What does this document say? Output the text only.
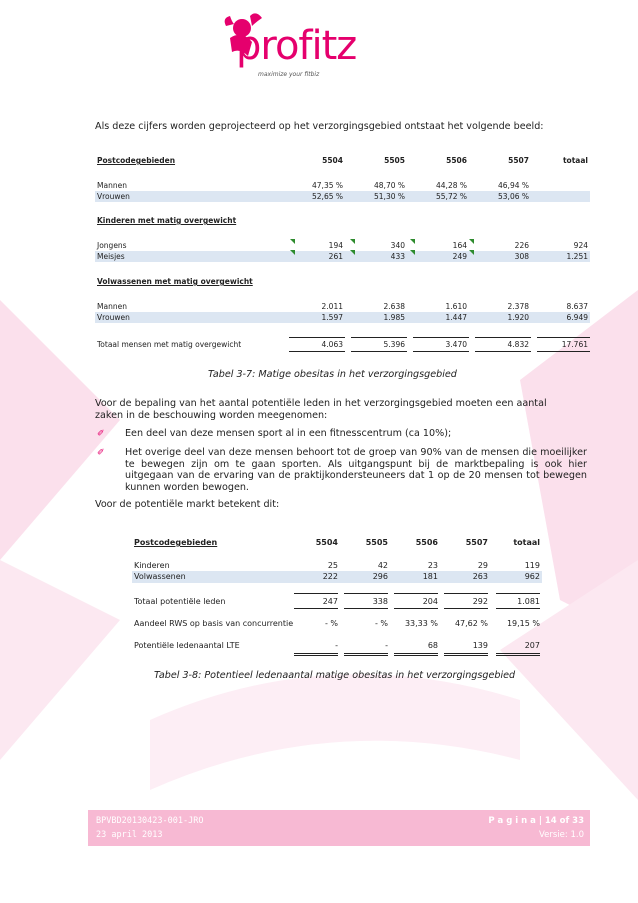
profitz
maximize your fitbiz
Als deze cijfers worden geprojecteerd op het verzorgingsgebied ontstaat het volgende beeld:
Postcodegebieden	5504	5505	5506	5507	totaal
Mannen	47,35 %	48,70 %	44,28 %	46,94 %
Vrouwen	52,65 %	51,30 %	55,72 %	53,06 %
Kinderen met matig overgewicht
Jongens	194	340	164	226	924
Meisjes	261	433	249	308	1.251
Volwassenen met matig overgewicht
Mannen	2.011	2.638	1.610	2.378	8.637
Vrouwen	1.597	1.985	1.447	1.920	6.949
Totaal mensen met matig overgewicht	4.063	5.396	3.470	4.832	17.761
Tabel 3-7: Matige obesitas in het verzorgingsgebied
Voor de bepaling van het aantal potentiële leden in het verzorgingsgebied moeten een aantal
zaken in de beschouwing worden meegenomen:
✐ Een deel van deze mensen sport al in een fitnesscentrum (ca 10%);
✐ Het overige deel van deze mensen behoort tot de groep van 90% van de mensen die moeilijker te bewegen zijn om te gaan sporten. Als uitgangspunt bij de marktbepaling is ook hier uitgegaan van de ervaring van de praktijkondersteuneers dat 1 op de 20 mensen tot bewegen kunnen worden bewogen.
Voor de potentiële markt betekent dit:
Postcodegebieden	5504	5505	5506	5507	totaal
Kinderen	25	42	23	29	119
Volwassenen	222	296	181	263	962
Totaal potentiële leden	247	338	204	292	1.081
Aandeel RWS op basis van concurrentie	- %	- %	33,33 %	47,62 %	19,15 %
Potentiële ledenaantal LTE	-	-	68	139	207
Tabel 3-8: Potentieel ledenaantal matige obesitas in het verzorgingsgebied
BPVBD20130423-001-JRO
23 april 2013
P a g i n a | 14 of 33
Versie: 1.0
